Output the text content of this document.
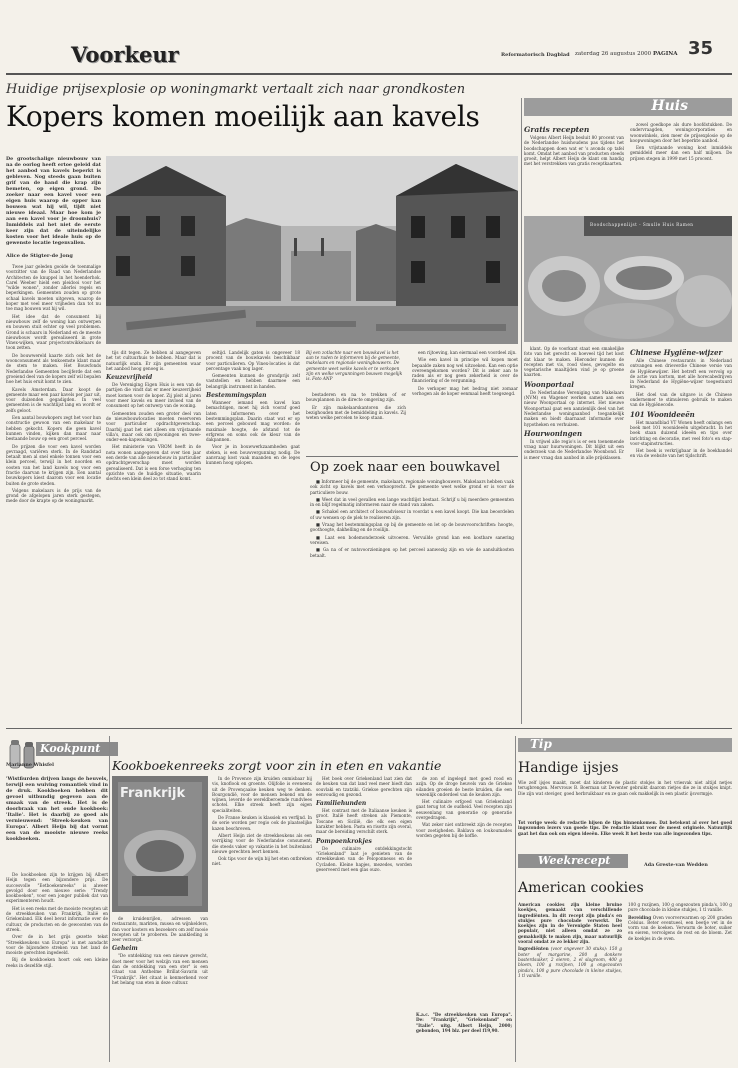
Voorkeur	Reformatorisch Dagblad zaterdag 26 augustus 2000 PAGINA 35
Huidige prijsexplosie op woningmarkt vertaalt zich naar grondkosten
Kopers komen moeilijk aan kavels
De grootschalige nieuwbouw van na de oorlog heeft ertoe geleid dat het aanbod van kavels beperkt is gebleven. Nog steeds gaan buiten grif van de hand die krap zijn bemeten, op eigen grond. De zoeker naar een kavel voor een eigen huis waarop de opper kan bouwen wat hij wil, tijdt niet nieuwe ideaal. Maar hoe kom je aan een kavel voor je droomhuis? Inmiddels zal het niet de eerste keer zijn dat de uiteindelijke kosten voor het ideale huis op de gewenste locatie tegenvallen.
Alice de Stigter-de Jong

Twee jaar geleden gooide de toenmalige voorzitter van de Raad van Nederlandse Architecten de knuppel in het hoenderhok. Carel Weeber hield een pleidooi voor het "wilde wonen", zonder allerlei regels en beperkingen. Gemeenten zouden op grote schaal kavels moeten uitgeven, waarop de koper met veel meer vrijheden dan tot nu toe mag bouwen wat hij wil.

Het idee dat de consument bij nieuwbouw zelf de woning kan ontwerpen en bouwen stuit echter op veel problemen. Grond is schaars in Nederland en de meeste nieuwbouw wordt gerealiseerd in grote Vinex-wijken, waar projectontwikkelaars de toon zetten.

De bouwwereld kaarte zich ook het de woonconsument als tenkoemste klant maar de stem te maken. Het Bouwfonds Nederlandse Gemeenten becijferde dat een groeiend deel van de kopers zelf wil bepalen hoe het huis eruit komt te zien.

Kavels Amsterdam. Daar koopt de gemeente maar een paar kavels per jaar uit, voor duizenden gegadigden. In veel gemeenten is de wachtlijst lang en wordt er zelfs geloot.

Een aantal bouwkopers zegt het voor hun constructie gewoon van een makelaar te hebben gekocht. Kopers die geen kavel kunnen vinden, kijken dan maar naar bestaande bouw op een groot perceel.

De prijzen die voor een kavel worden gevraagd, variëren sterk. In de Randstad betaalt men al snel enkele tonnen voor een klein perceel, terwijl in het noorden en oosten van het land kavels nog voor een fractie daarvan te krijgen zijn. Een aantal bouwkopers kiest daarom voor een locatie buiten de grote steden.

Volgens makelaars is de prijs van de grond de afgelopen jaren sterk gestegen, mede door de krapte op de woningmarkt.

tijs dit tegen. Ze hebben al aangegeven het tot cultuurhuis te hebben. Maar dat is natuurlijk onzin. Er zijn gemeenten waar het aanbod hoog genoeg is.

Keuzevrijheid

De Vereniging Eigen Huis is een van de partijen die vindt dat er meer keuzevrijheid moet komen voor de koper. Zij pleit al jaren voor meer kavels en meer invloed van de consument op het ontwerp van de woning.

Gemeenten zouden een groter deel van de nieuwbouwlocaties moeten reserveren voor particulier opdrachtgeverschap. Daarbij gaat het niet alleen om vrijstaande villa's, maar ook om rijwoningen en twee-onder-een-kapwoningen.

Het ministerie van VROM heeft in de nota wonen aangegeven dat over tien jaar een derde van alle nieuwbouw in particulier opdrachtgeverschap moet worden gerealiseerd. Dat is een forse verhoging ten opzichte van de huidige situatie, waarin slechts een klein deel zo tot stand komt.

seltijd. Landelijk gaten is ongeveer 18 procent van de bouwkavels beschikbaar voor particulieren. Op Vinex-locaties is dat percentage vaak nog lager.

Gemeenten kunnen de grondprijs zelf vaststellen en hebben daarmee een belangrijk instrument in handen.

Bestemmingsplan

Wanneer iemand een kavel kan bemachtigen, moet hij zich vooraf goed laten informeren over het bestemmingsplan. Daarin staat wat er op een perceel gebouwd mag worden: de maximale hoogte, de afstand tot de erfgrens en soms ook de kleur van de dakpannen.

Voor je in bouwwerkzaamheden gaat steken, is een bouwvergunning nodig. De aanvraag kost vaak maanden en de leges kunnen hoog oplopen.

Bij een zotlachte naar een bouwkavel is het aan te raden te informeren bij de gemeente, makelaars en regionale woningbouwers. De gemeente weet welke kavels er te verkopen zijn en welke vergunningen bouwen mogelijk is. Foto ANP

bestaderen en na te trekken of er bouwplannen in de directe omgeving zijn.

Er zijn makelaarskantoren die zich bezighouden met de bemiddeling in kavels. Zij weten welke percelen te koop staan.

een rijtoeving, kan eiermaal een voordeel zijn.

Wie een kavel in principe wil kopen moet bepaalde zaken nog wel uitzoeken. Kan een optie overeengekomen worden? Dit is zeker aan te raden als er nog geen zekerheid is over de financiering of de vergunning.

De verkoper mag het bedrag niet zomaar verhogen als de koper eenmaal heeft toegezegd.

Op zoek naar een bouwkavel

■ Informeer bij de gemeente, makelaars, regionale woningbouwers. Makelaars hebben vaak ook zicht op kavels met een verkooprecht. De gemeente weet welke grond er is voor de particuliere bouw.

■ Weet dat in veel gevallen een lange wachtlijst bestaat. Schrijf u bij meerdere gemeenten in en blijf regelmatig informeren naar de stand van zaken.

■ Schakel een architect of bouwadviseur in voordat u een kavel koopt. Die kan beoordelen of uw wensen op de plek te realiseren zijn.

■ Vraag het bestemmingsplan op bij de gemeente en let op de bouwvoorschriften: hoogte, goothoogte, dakhelling en de rooilijn.

■ Laat een bodemonderzoek uitvoeren. Vervuilde grond kan een kostbare sanering vereisen.

■ Ga na of er nutsvoorzieningen op het perceel aanwezig zijn en wie de aansluitkosten betaalt.

Huis
Gratis recepten

Volgens Albert Heijn besluit 80 procent van de Nederlandse huishoudens pas tijdens het boodschappen doen wat er 's avonds op tafel komt. Omdat het aanbod van producten steeds groeit, helpt Albert Heijn de klant om handig met het verstrekken van gratis receptkaarten.

zowel goedkope als dure hoofdstukken. De ondervraagden, woningcorporaties en woonwinkels, zien meer de prijsexplosie op de koopwoningen door het beperkte aanbod.

Een vrijstaande woning kost inmiddels gemiddeld meer dan een half miljoen. De prijzen stegen in 1999 met 15 procent.

Boodschappenlijst - Smulle Huis Ramen

klant. Op de voorkant staat een smakelijke foto van het gerecht en hoeveel tijd het kost dat klaar te maken. Hieronder kunnen de recepten met vis, rood vlees, gevogelte en vegetarische maaltijden vind je op groene kaarten.

Woonportaal

De Nederlandse Vereniging van Makelaars (NVM) en Wagener werken samen aan een nieuw Woonportaal op internet. Het nieuwe Woonportaal gaat een aanzienlijk deel van het Nederlandse woningaanbod toegankelijk maken en biedt daarnaast informatie over hypotheken en verhuizen.

Hourwoningen

In vrijwel alle regio's is er een toenemende vraag naar huurwoningen. Dit blijkt uit een onderzoek van de Nederlandse Woonbond. Er is meer vraag dan aanbod in alle prijsklassen.

Chinese Hygiëne-wijzer

Alle Chinese restaurants in Nederland ontvangen een drieverdie Chinese versie van de Hygiënewijzer. Het betreft een vervolg op de actie van kortom, met alle horecabedrijven in Nederland de Hygiëne-wijzer toegestuurd kregen.

Het doel van de uitgave is de Chinese ondernemer te stimuleren gebruik te maken van de Hygiënecode.

101 Woonideeën

Het maandblad VT Wonen heeft onlangs een boek met 101 woonideeën uitgebracht. In het boek staan duizend ideeën en tips over inrichting en decoratie, met veel foto's en stap-voor-stapinstructies.

Het boek is verkrijgbaar in de boekhandel en via de website van het tijdschrift.

Kookpunt
Marianne Whisfel
'Wistfiurden drijven langs de heuvels, terwijl een wuiving romantiek vind in de druk. Kookboeken hebben dit gevoel uitbundig gegeven aan de smaak van de streek. Het is de doorbraak van het oude kookboek: 'Italie'. Het is daarbij zo goed als vernieuwend: 'Streek-keuken van Europa'. Albert Heijn bij dat vormt een van de mooiste nieuwe reeks kookboeken.

De kookboeken zijn te krijgen bij Albert Heijn tegen een bijzondere prijs. De succesvolle "Eetboekenreeks" is alweer gevolgd door een nieuwe serie: "Trendy kookboeken", voor een jonger publiek dat van experimenteren houdt.

Het is een reeks met de mooiste recepten uit de streekkeuken van Frankrijk, Italië en Griekenland. Elk deel bevat informatie over de cultuur, de producten en de gewoonten van de streek.

Over de in het grijs gezette tekst "Streekkeukens van Europa" is met aandacht voor de bijzondere streken van het land de mooiste gerechten ingedeeld.

Bij de kookboeken hoort ook een kleine reeks in dezelfde stijl.

Kookboekenreeks zorgt voor zin in eten en vakantie
Frankrijk

de kruidenrijlen, adressen van restaurants, markten, musea en wijnkelders, dan voor kosters en bezoekers om zelf mooie recepten uit te proberen. De aankleding is zeer verzorgd.

Geheim

"De ontdekking van een nieuwe gerecht, doet meer voor het welzijn van een mensen dan de ontdekking van een ster" is een citaat van Anthelme Brillat-Savarin uit "Frankrijk". Het citaat is kenmerkend voor het belang van eten in deze cultuur.

In de Provence zijn kruiden onmisbaar bij vis, knoflook en groente. Olijfolie is eveneens uit de Provençaalse keuken weg te denken. Bourgondië, voor de mensen bekend om de wijnen, leverde de wereldberoemde rundvlees schotel. Elke streek heeft zijn eigen specialiteiten.

De Franse keuken is klassiek en verfijnd. In de serie worden per regio ook de plaatselijke kazen beschreven.

Albert Heijn ziet de streekkeukens als een verrijking voor de Nederlandse consument, die steeds vaker op vakantie in het buitenland nieuwe gerechten leert kennen.

Ook tips voor de wijn bij het eten ontbreken niet.

Het boek over Griekenland laat zien dat de keuken van dat land veel meer biedt dan souvlaki en tzatziki. Griekse gerechten zijn eenvoudig en gezond.

Familiehunden

Het contrast met de Italiaanse keuken is groot. Italië heeft streken als Piemonte, Toscane en Sicilië, die elk een eigen karakter hebben. Pasta en risotto zijn overal, maar de bereiding verschilt sterk.

Pompoenkrokjes

De culinaire ontdekkingstocht "Griekenland" laat je genieten van de streekkeuken van de Peloponnesos en de Cycladen. Kleine hapjes, mezedes, worden geserveerd met een glas ouzo.

de zon of ingelegd met goed rood en azijn. Op de droge heuvels van de Griekse eilanden groeien de beste kruiden, die een wezenlijk onderdeel van de keuken zijn.

Het culinaire erfgoed van Griekenland gaat terug tot de oudheid. Veel recepten zijn eeuwenlang van generatie op generatie overgedragen.

Wat zeker niet ontbreekt zijn de recepten voor zoetigheden. Baklava en loukoumades worden gegeten bij de koffie.

K.a.c. "De streekkeuken van Europa". De: "Frankrijk", "Griekenland" en "Italie". uitg. Albert Heijn, 2000; gebonden, 194 blz. per deel f19,90.
Tip
Handige ijsjes
Wie zelf ijsjes maakt, moet dat kinderen de plastic stokjes in het vriesvak niet altijd netjes terugbrengen. Mervrouw B. Boerman uit Deventer gebruikt daarom rietjes die ze in stukjes knipt. Die zijn wat steviger, goed herbruikbaar en ze gaan ook makkelijk in een plastic ijsvormpje.
Tot vorige week: de redactie hijsen de tips binnenkomen. Dat betekent al over het goed ingezonden lezers van goede tips. De redactie klant voor de meest originele. Natuurlijk gaat het dan ook om eigen ideeën. Elke week lt het beste van alle ingezonden tips.
Weekrecept	Ada Greste-van Wedden
American cookies

American cookies zijn kleine bruine koekjes, gemaakt van verschillende ingrediënten. In dit recept zijn pinda's en stukjes pure chocolade verwerkt. De koekjes zijn in de Verenigde Staten heel populair, niet alleen omdat ze zo gemakkelijk te maken zijn, maar natuurlijk vooral omdat ze zo lekker zijn.

Ingrediënten (voor ongeveer 30 stuks): 150 g boter of margarine, 200 g donkere basterdsuiker, 2 eieren, 2 el slagroom, 400 g bloem, 100 g rozijnen, 100 g ongezouten pinda's, 100 g pure chocolade in kleine stukjes, 1 tl vanille.

100 g rozijnen, 100 g ongezouten pinda's, 100 g pure chocolade in kleine stukjes, 1 tl vanille.

Bereiding Oven voorverwarmen op 200 graden Celsius. Beter eventueel, een beetje vet in de vorm van de koeken. Verwarm de boter, suiker en eieren, vervolgens de rest en de bloem. Zet de koekjes in de oven.
